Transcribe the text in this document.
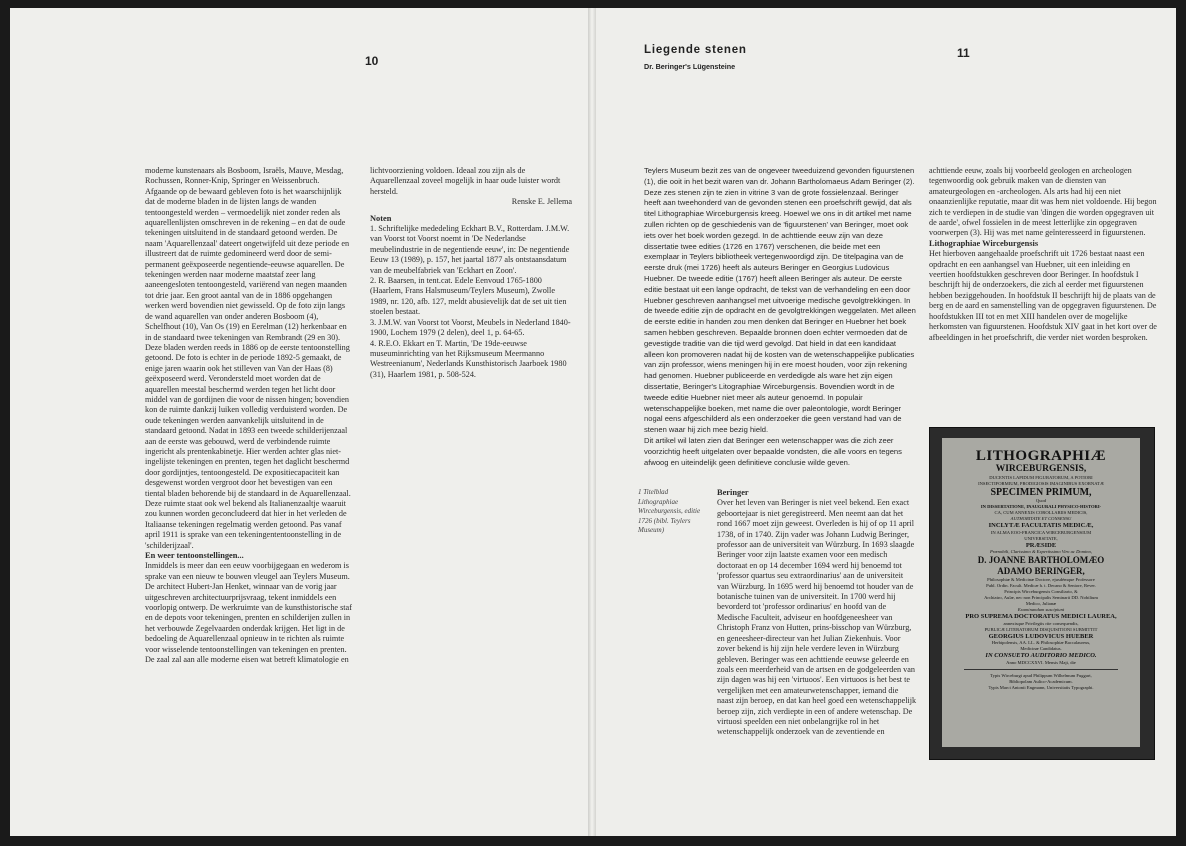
10

moderne kunstenaars als Bosboom, Israëls, Mauve, Mesdag, Rochussen, Ronner-Knip, Springer en Weissenbruch. Afgaande op de bewaard gebleven foto is het waarschijnlijk dat de moderne bladen in de lijsten langs de wanden tentoongesteld werden – vermoedelijk niet zonder reden als aquarellenlijsten omschreven in de rekening – en dat de oude tekeningen uitsluitend in de standaard getoond werden. De naam 'Aquarellenzaal' dateert ongetwijfeld uit deze periode en illustreert dat de ruimte gedomineerd werd door de semi-permanent geëxposeerde negentiende-eeuwse aquarellen. De tekeningen werden naar moderne maatstaf zeer lang aaneengesloten tentoongesteld, variërend van negen maanden tot drie jaar. Een groot aantal van de in 1886 opgehangen werken werd bovendien niet gewisseld. Op de foto zijn langs de wand aquarellen van onder anderen Bosboom (4), Schelfhout (10), Van Os (19) en Eerelman (12) herkenbaar en in de standaard twee tekeningen van Rembrandt (29 en 30). Deze bladen werden reeds in 1886 op de eerste tentoonstelling getoond. De foto is echter in de periode 1892-5 gemaakt, de enige jaren waarin ook het stilleven van Van der Haas (8) geëxposeerd werd. Verondersteld moet worden dat de aquarellen meestal beschermd werden tegen het licht door middel van de gordijnen die voor de nissen hingen; bovendien kon de ruimte dankzij luiken volledig verduisterd worden. De oude tekeningen werden aanvankelijk uitsluitend in de standaard getoond. Nadat in 1893 een tweede schilderijenzaal aan de eerste was gebouwd, werd de verbindende ruimte ingericht als prentenkabinetje. Hier werden achter glas niet-ingelijste tekeningen en prenten, tegen het daglicht beschermd door gordijntjes, tentoongesteld. De expositiecapaciteit kan desgewenst worden vergroot door het bevestigen van een tiental bladen behorende bij de standaard in de Aquarellenzaal. Deze ruimte staat ook wel bekend als Italianenzaaltje waaruit zou kunnen worden geconcludeerd dat hier in het verleden de Italiaanse tekeningen regelmatig werden getoond. Pas vanaf april 1911 is sprake van een tekeningententoonstelling in de 'schilderijzaal'.

En weer tentoonstellingen...

Inmiddels is meer dan een eeuw voorbijgegaan en wederom is sprake van een nieuw te bouwen vleugel aan Teylers Museum. De architect Hubert-Jan Henket, winnaar van de vorig jaar uitgeschreven architectuurprijsvraag, tekent inmiddels een voorlopig ontwerp. De werkruimte van de kunsthistorische staf en de depots voor tekeningen, prenten en schilderijen zullen in het verbouwde Zegelvaarden onderdak krijgen. Het ligt in de bedoeling de Aquarellenzaal opnieuw in te richten als ruimte voor wisselende tentoonstellingen van tekeningen en prenten. De zaal zal aan alle moderne eisen wat betreft klimatologie en

lichtvoorziening voldoen. Ideaal zou zijn als de Aquarellenzaal zoveel mogelijk in haar oude luister wordt hersteld.

Renske E. Jellema

Noten

1. Schriftelijke mededeling Eckhart B.V., Rotterdam. J.M.W. van Voorst tot Voorst noemt in 'De Nederlandse meubelindustrie in de negentiende eeuw', in: De negentiende Eeuw 13 (1989), p. 157, het jaartal 1877 als ontstaansdatum van de meubelfabriek van 'Eckhart en Zoon'.

2. R. Baarsen, in tent.cat. Edele Eenvoud 1765-1800 (Haarlem, Frans Halsmuseum/Teylers Museum), Zwolle 1989, nr. 120, afb. 127, meldt abusievelijk dat de set uit tien stoelen bestaat.

3. J.M.W. van Voorst tot Voorst, Meubels in Nederland 1840-1900, Lochem 1979 (2 delen), deel 1, p. 64-65.

4. R.E.O. Ekkart en T. Martin, 'De 19de-eeuwse museuminrichting van het Rijksmuseum Meermanno Westreenianum', Nederlands Kunsthistorisch Jaarboek 1980 (31), Haarlem 1981, p. 508-524.

Liegende stenen
Dr. Beringer's Lügensteine
11

Teylers Museum bezit zes van de ongeveer tweeduizend gevonden figuurstenen (1), die ooit in het bezit waren van dr. Johann Bartholomaeus Adam Beringer (2). Deze zes stenen zijn te zien in vitrine 3 van de grote fossielenzaal. Beringer heeft aan tweehonderd van de gevonden stenen een proefschrift gewijd, dat als titel Lithographiae Wirceburgensis kreeg. Hoewel we ons in dit artikel met name zullen richten op de geschiedenis van de 'figuurstenen' van Beringer, moet ook iets over het boek worden gezegd. In de achttiende eeuw zijn van deze dissertatie twee edities (1726 en 1767) verschenen, die beide met een exemplaar in Teylers bibliotheek vertegenwoordigd zijn. De titelpagina van de eerste druk (mei 1726) heeft als auteurs Beringer en Georgius Ludovicus Huebner. De tweede editie (1767) heeft alleen Beringer als auteur. De eerste editie bestaat uit een lange opdracht, de tekst van de verhandeling en een door Huebner geschreven aanhangsel met uitvoerige medische gevolgtrekkingen. In de tweede editie zijn de opdracht en de gevolgtrekkingen weggelaten. Met alleen de eerste editie in handen zou men denken dat Beringer en Huebner het boek samen hebben geschreven. Bepaalde bronnen doen echter vermoeden dat de gevestigde traditie van die tijd werd gevolgd. Dat hield in dat een kandidaat alleen kon promoveren nadat hij de kosten van de wetenschappelijke publicaties van zijn professor, wiens meningen hij in ere moest houden, voor zijn rekening had genomen. Huebner publiceerde en verdedigde als ware het zijn eigen dissertatie, Beringer's Litographiae Wirceburgensis. Bovendien wordt in de tweede editie Huebner niet meer als auteur genoemd. In populair wetenschappelijke boeken, met name die over paleontologie, wordt Beringer nogal eens afgeschilderd als een onderzoeker die geen verstand had van de stenen waar hij zich mee bezig hield.

Dit artikel wil laten zien dat Beringer een wetenschapper was die zich zeer voorzichtig heeft uitgelaten over bepaalde vondsten, die alle voors en tegens afwoog en uiteindelijk geen definitieve conclusie wilde geven.

1 Titelblad Lithographiae Wirceburgensis, editie 1726 (bibl. Teylers Museum)

Beringer

Over het leven van Beringer is niet veel bekend. Een exact geboortejaar is niet geregistreerd. Men neemt aan dat het rond 1667 moet zijn geweest. Overleden is hij of op 11 april 1738, of in 1740. Zijn vader was Johann Ludwig Beringer, professor aan de universiteit van Würzburg. In 1693 slaagde Beringer voor zijn laatste examen voor een medisch doctoraat en op 14 december 1694 werd hij benoemd tot 'professor quartus seu extraordinarius' aan de universiteit van Würzburg. In 1695 werd hij benoemd tot houder van de botanische tuinen van de universiteit. In 1700 werd hij bevorderd tot 'professor ordinarius' en hoofd van de Medische Faculteit, adviseur en hoofdgeneesheer van Christoph Franz von Hutten, prins-bisschop van Würzburg, en geneesheer-directeur van het Julian Ziekenhuis. Voor zover bekend is hij zijn hele verdere leven in Würzburg gebleven. Beringer was een achttiende eeuwse geleerde en zoals een meerderheid van de artsen en de godgeleerden van zijn dagen was hij een 'virtuoos'. Een virtuoos is het best te vergelijken met een amateurwetenschapper, iemand die naast zijn beroep, en dat kan heel goed een wetenschappelijk beroep zijn, zich verdiepte in een of andere wetenschap. De virtuosi speelden een niet onbelangrijke rol in het wetenschappelijk onderzoek van de zeventiende en

achttiende eeuw, zoals bij voorbeeld geologen en archeologen tegenwoordig ook gebruik maken van de diensten van amateurgeologen en -archeologen. Als arts had hij een niet onaanzienlijke reputatie, maar dit was hem niet voldoende. Hij begon zich te verdiepen in de studie van 'dingen die worden opgegraven uit de aarde', ofwel fossielen in de meest letterlijke zin opgegraven voorwerpen (3). Hij was met name geïnteresseerd in figuurstenen.

Lithographiae Wirceburgensis

Het hierboven aangehaalde proefschrift uit 1726 bestaat naast een opdracht en een aanhangsel van Huebner, uit een inleiding en veertien hoofdstukken geschreven door Beringer. In hoofdstuk I beschrijft hij de onderzoekers, die zich al eerder met figuurstenen hebben beziggehouden. In hoofdstuk II beschrijft hij de plaats van de berg en de aard en samenstelling van de opgegraven figuurstenen. De hoofdstukken III tot en met XIII handelen over de mogelijke herkomsten van figuurstenen. Hoofdstuk XIV gaat in het kort over de afbeeldingen in het proefschrift, die verder niet worden besproken.

LITHOGRAPHIÆ

WIRCEBURGENSIS,

DUCENTIS LAPIDUM FIGURATORUM, A POTIORI

INSECTIFORMIUM, PRODIGIOSIS IMAGINIBUS EXORNATÆ

SPECIMEN PRIMUM,

Quod

IN DISSERTATIONE, INAUGURALI PHYSICO-HISTORI-

CA, CUM ANNEXIS COROLLARIIS MEDICIS,

AUTHORITATE ET CONSENSU

INCLYTÆ FACULTATIS MEDICÆ,

IN ALMA EOO-FRANCICA WIRCEBURGENSIUM

UNIVERSITATE,

PRÆSIDE

Prænobili, Clarissimo & Expertissimo Viro ac Domino,

D. JOANNE BARTHOLOMÆO

ADAMO BERINGER,

Philosophiæ & Medicinæ Doctore, ejusdémque Professore

Publ. Ordin. Facult. Medicæ h. t. Decano & Seniore, Rever.

Principis Wirceburgensis Consiliario, &

Archiatro, Aulæ, nec non Principalis Seminarii DD. Nobilium

Medico, Julianæ

Examinandum suscipiunt

PRO SUPREMA DOCTORATUS MEDICI LAUREA,

annexisque Privilegiis rite consequendis,

PUBLICÆ LITERATORUM DISQUISITIONI SUBMITTIT

GEORGIUS LUDOVICUS HUEBER

Herbipolensis, AA. LL. & Philosophiæ Baccalaureus,

Medicinæ Candidatus.

IN CONSUETO AUDITORIO MEDICO.

Anno MDCCXXVI. Mensis Maji, die

Typis Wirceburgi apud Philippum Wilhelmum Fuggart,

Bibliopolam Aulico-Academicum.

Typis Marci Antonii Engmann, Universitatis Typographi.
